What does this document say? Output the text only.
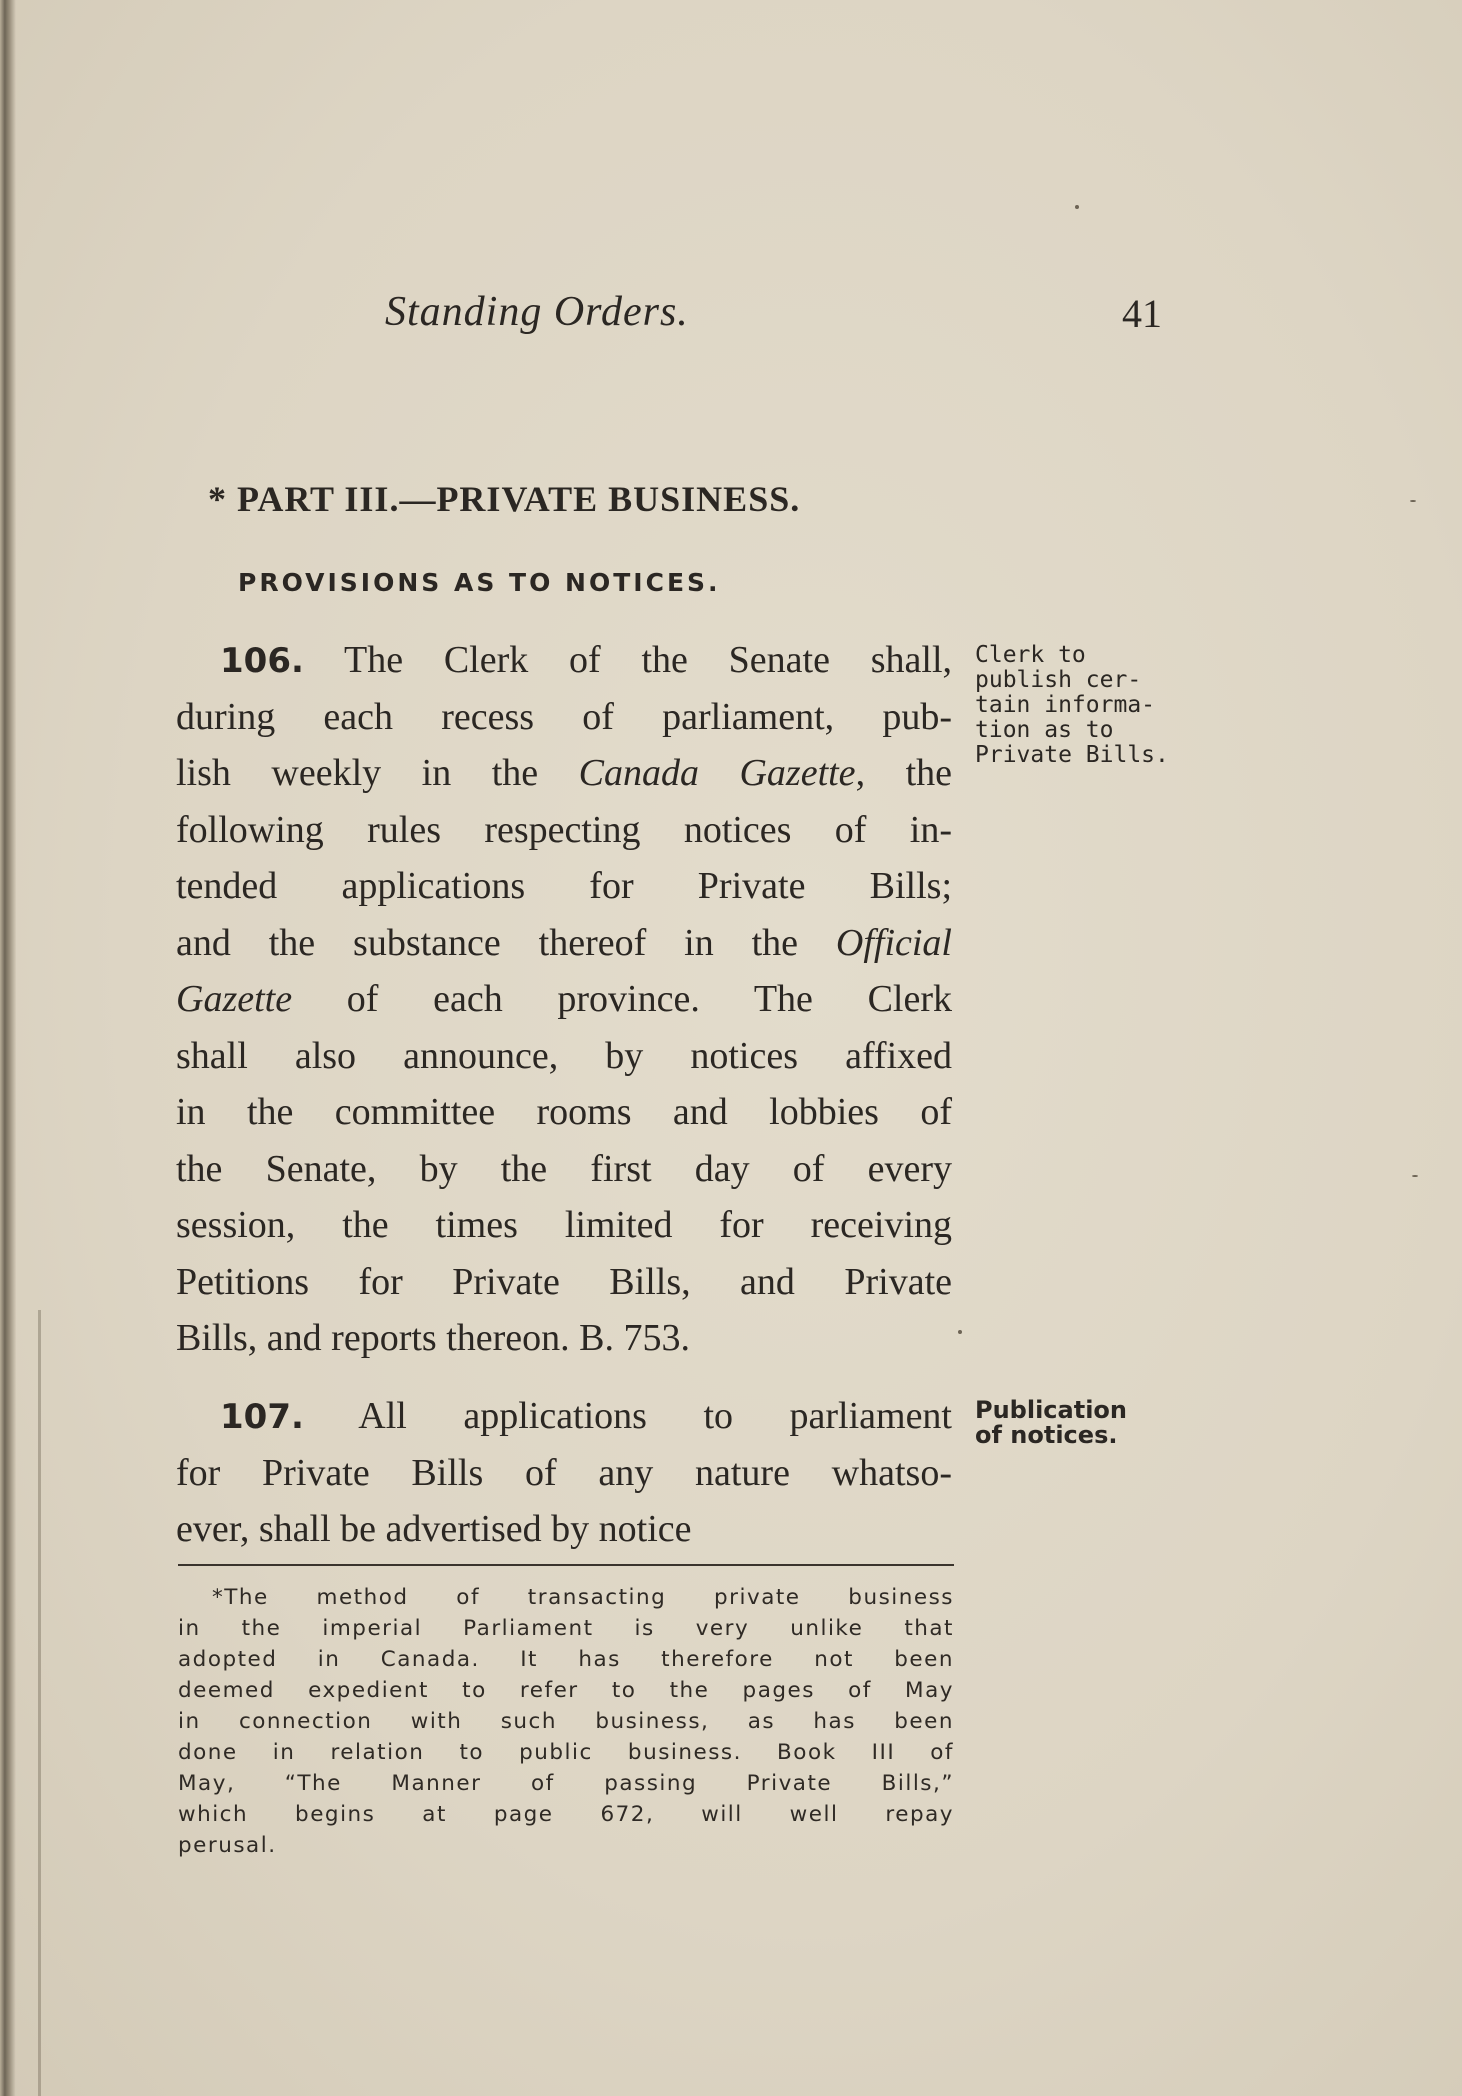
Standing Orders.	41
* PART III.—PRIVATE BUSINESS.
PROVISIONS AS TO NOTICES.
106. The Clerk of the Senate shall,
during each recess of parliament, pub-
lish weekly in the Canada Gazette, the
following rules respecting notices of in-
tended applications for Private Bills;
and the substance thereof in the Official
Gazette of each province. The Clerk
shall also announce, by notices affixed
in the committee rooms and lobbies of
the Senate, by the first day of every
session, the times limited for receiving
Petitions for Private Bills, and Private
Bills, and reports thereon. B. 753.
107. All applications to parliament
for Private Bills of any nature whatso-
ever, shall be advertised by notice
Clerk to
publish cer-
tain informa-
tion as to
Private Bills.
Publication
of notices.
*The method of transacting private business
in the imperial Parliament is very unlike that
adopted in Canada. It has therefore not been
deemed expedient to refer to the pages of May
in connection with such business, as has been
done in relation to public business. Book III of
May, “The Manner of passing Private Bills,”
which begins at page 672, will well repay
perusal.
